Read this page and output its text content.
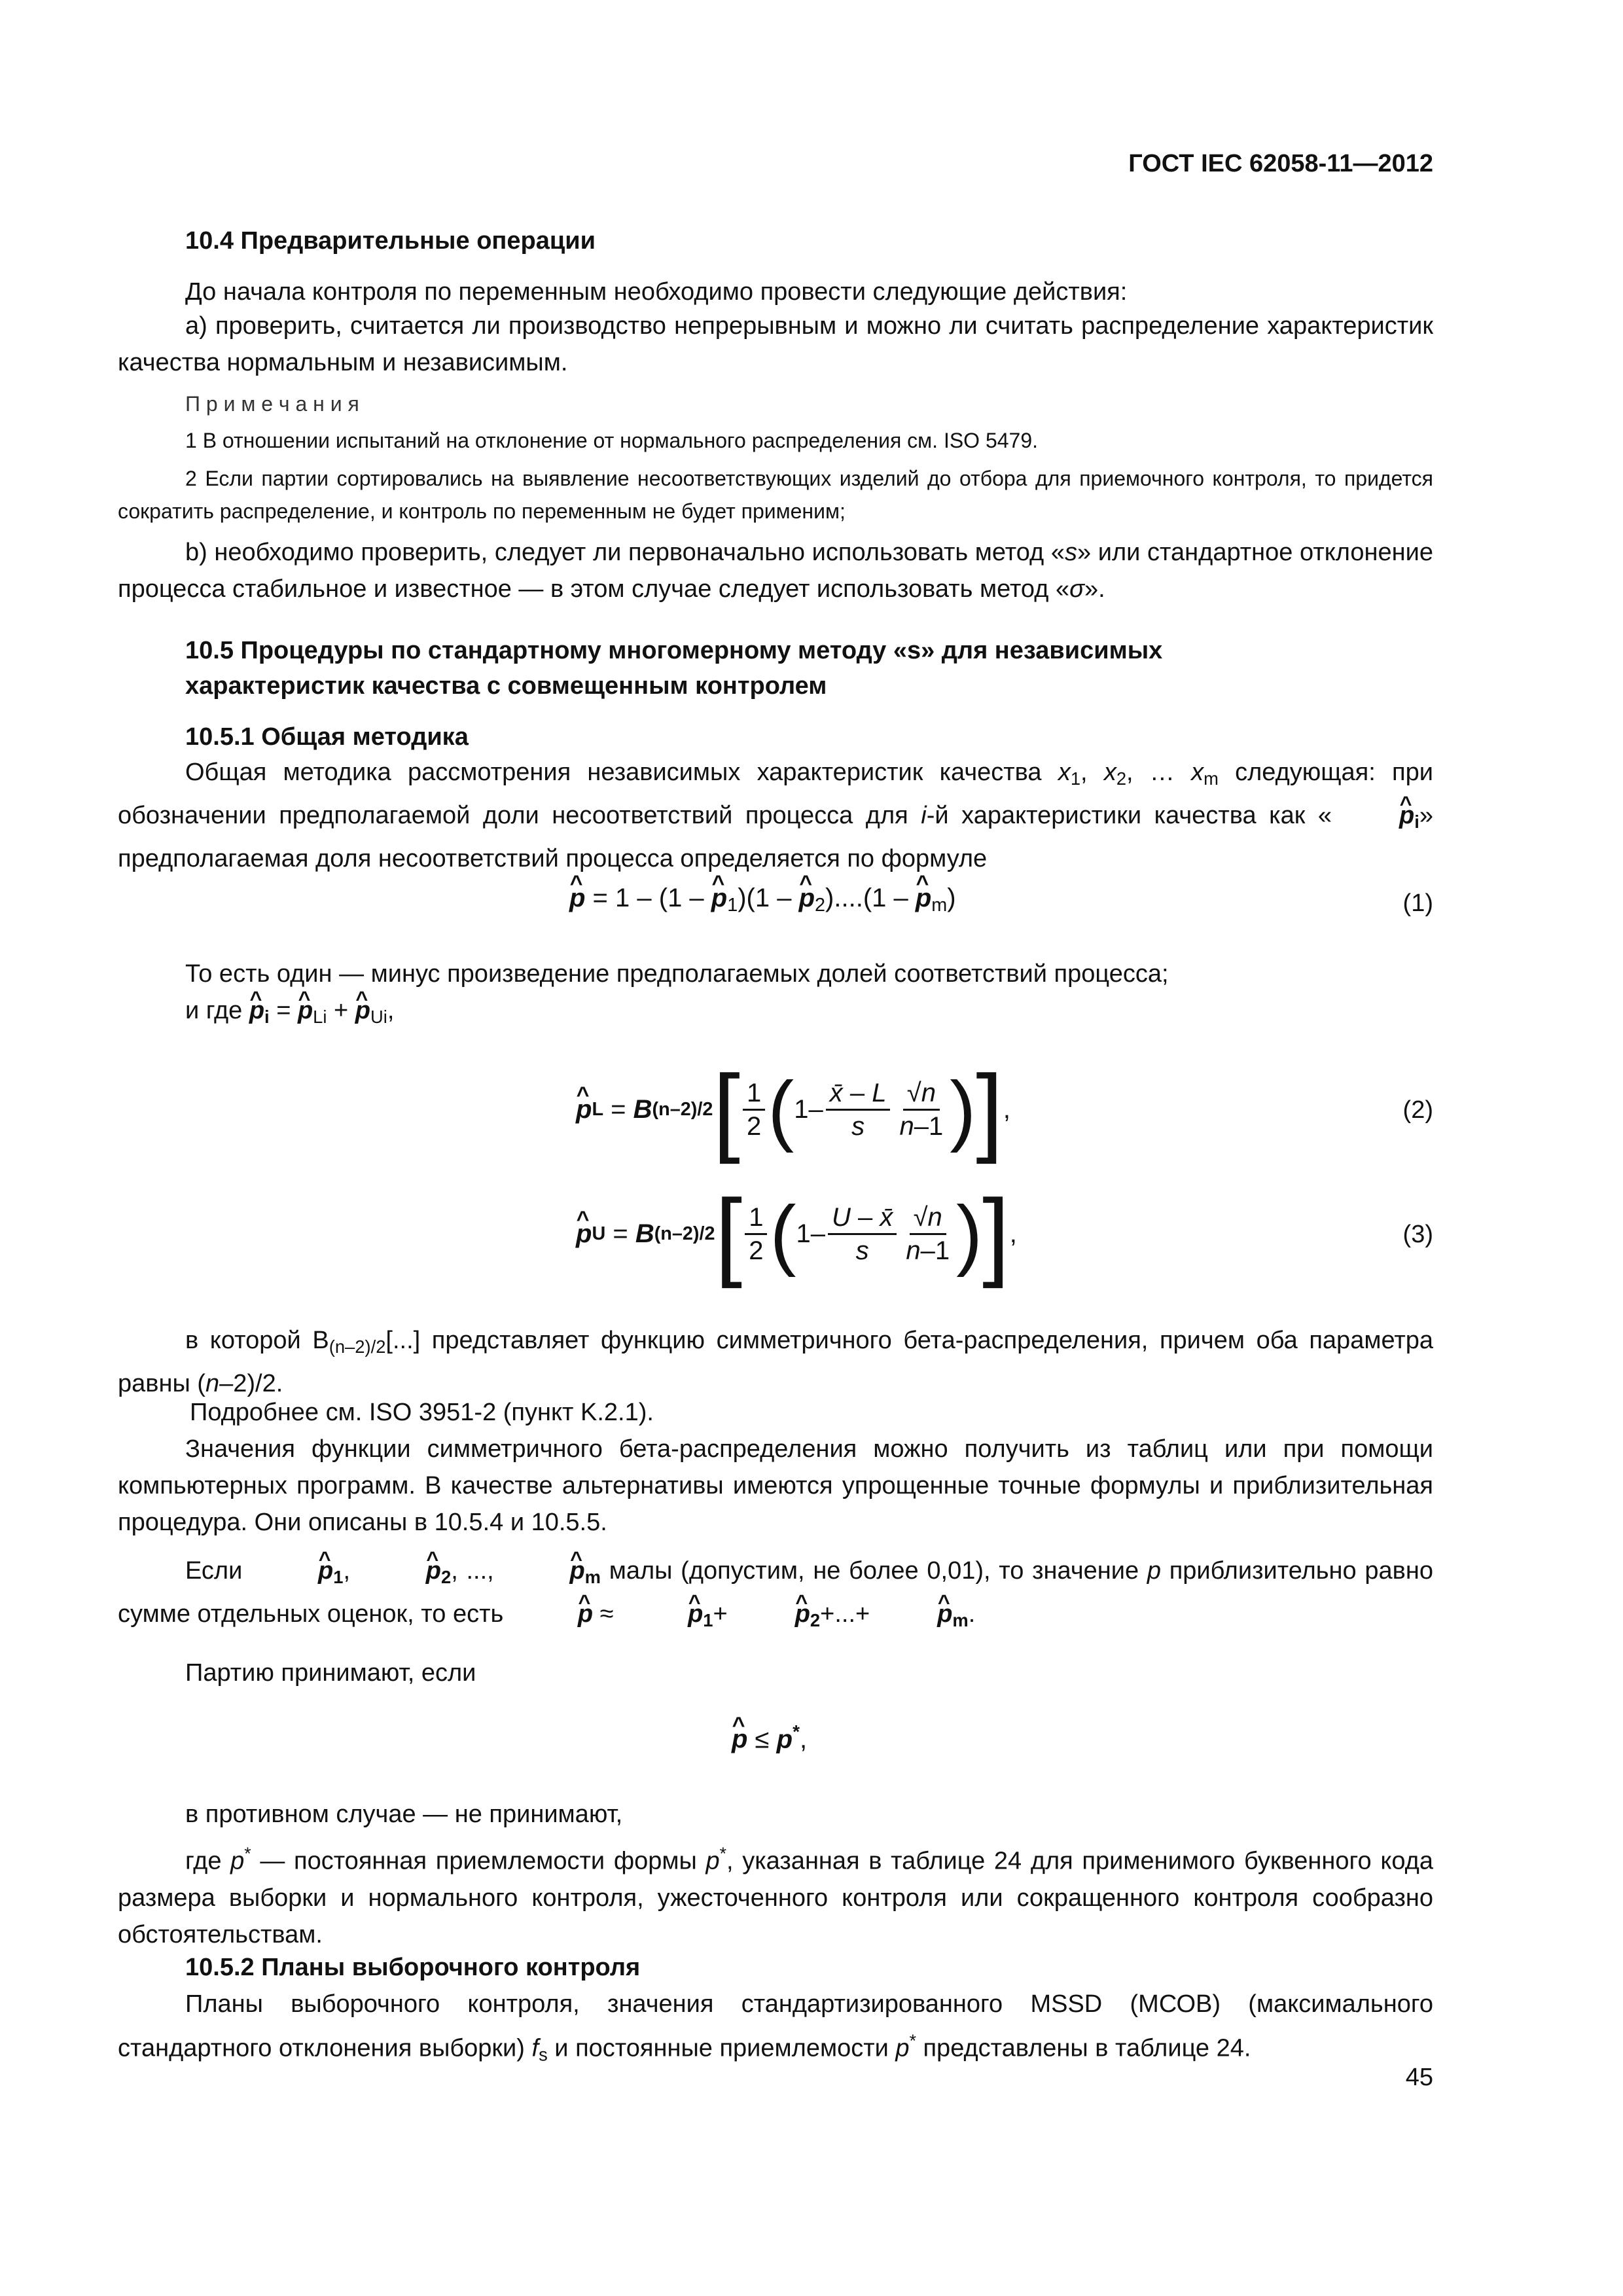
ГОСТ IEC 62058-11—2012
10.4 Предварительные операции
До начала контроля по переменным необходимо провести следующие действия:
а) проверить, считается ли производство непрерывным и можно ли считать распределение характеристик качества нормальным и независимым.
П р и м е ч а н и я
1 В отношении испытаний на отклонение от нормального распределения см. ISO 5479.
2 Если партии сортировались на выявление несоответствующих изделий до отбора для приемочного контроля, то придется сократить распределение, и контроль по переменным не будет применим;
b) необходимо проверить, следует ли первоначально использовать метод «s» или стандартное отклонение процесса стабильное и известное — в этом случае следует использовать метод «σ».
10.5 Процедуры по стандартному многомерному методу «s» для независимых
характеристик качества с совмещенным контролем
10.5.1 Общая методика
Общая методика рассмотрения независимых характеристик качества $x_1$, $x_2$, … $x_m$ следующая: при обозначении предполагаемой доли несоответствий процесса для i-й характеристики качества как «	p $\^{}_i$» предполагаемая доля несоответствий процесса определяется по формуле
p ^ = 1 – (1 – p $\^{}_1)(1$ – p $\^{}_2)....(1$ – p $\^{}_m$)	(1)
То есть один — минус произведение предполагаемых долей соответствий процесса;
и где p $\^{}_i = p$ $\^{}_{Li} + p$ $\^{}_{Ui}$,
p ^ L = B (n–2)/2 [ $\frac{1}{2}$ ( $1- \frac{x̄ - L}{s} \frac{√n}{n-1}$ ) ] ,	(2)
p ^ U = B (n–2)/2 [ $\frac{1}{2}$ ( $1- \frac{U - x̄}{s} \frac{√n}{n-1}$ ) ] ,	(3)
в которой $B_{(n-2)/2}[...]$ представляет функцию симметричного бета-распределения, причем оба параметра равны (n–2)/2.
Подробнее см. ISO 3951-2 (пункт K.2.1).
Значения функции симметричного бета-распределения можно получить из таблиц или при помощи компьютерных программ. В качестве альтернативы имеются упрощенные точные формулы и приблизительная процедура. Они описаны в 10.5.4 и 10.5.5.
Если	p $\^{}_1$,	p $\^{}_2$, ...,	p $\^{}_m$ малы (допустим, не более 0,01), то значение p приблизительно равно сумме отдельных оценок, то есть	p ^ ≈	p $\^{}_1+$	p $\^{}_2+...+$	p $\^{}_m$.
Партию принимают, если
p ^ ≤ p*,
в противном случае — не принимают,
где p* — постоянная приемлемости формы p*, указанная в таблице 24 для применимого буквенного кода размера выборки и нормального контроля, ужесточенного контроля или сокращенного контроля сообразно обстоятельствам.
10.5.2 Планы выборочного контроля
Планы выборочного контроля, значения стандартизированного MSSD (МСОВ) (максимального стандартного отклонения выборки) $f_s$ и постоянные приемлемости p* представлены в таблице 24.
45
